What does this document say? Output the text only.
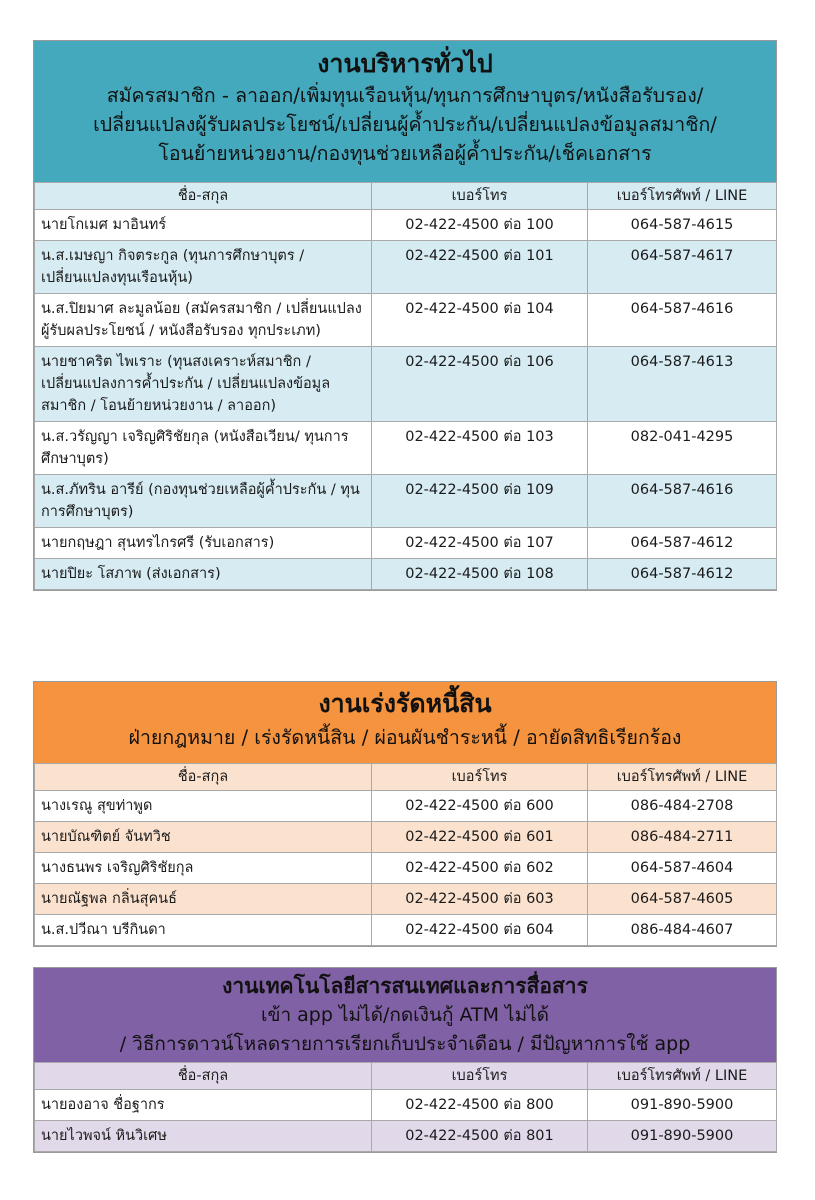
งานบริหารทั่วไป
สมัครสมาชิก - ลาออก/เพิ่มทุนเรือนหุ้น/ทุนการศึกษาบุตร/หนังสือรับรอง/
เปลี่ยนแปลงผู้รับผลประโยชน์/เปลี่ยนผู้ค้ำประกัน/เปลี่ยนแปลงข้อมูลสมาชิก/
โอนย้ายหน่วยงาน/กองทุนช่วยเหลือผู้ค้ำประกัน/เช็คเอกสาร
ชื่อ-สกุล	เบอร์โทร	เบอร์โทรศัพท์ / LINE
นายโกเมศ มาอินทร์	02-422-4500 ต่อ 100	064-587-4615
น.ส.เมษญา กิจตระกูล (ทุนการศึกษาบุตร / เปลี่ยนแปลงทุนเรือนหุ้น)	02-422-4500 ต่อ 101	064-587-4617
น.ส.ปิยมาศ ละมูลน้อย (สมัครสมาชิก / เปลี่ยนแปลงผู้รับผลประโยชน์ / หนังสือรับรอง ทุกประเภท)	02-422-4500 ต่อ 104	064-587-4616
นายชาคริต ไพเราะ (ทุนสงเคราะห์สมาชิก / เปลี่ยนแปลงการค้ำประกัน / เปลี่ยนแปลงข้อมูล สมาชิก / โอนย้ายหน่วยงาน / ลาออก)	02-422-4500 ต่อ 106	064-587-4613
น.ส.วรัญญา เจริญศิริชัยกุล (หนังสือเวียน/ ทุนการศึกษาบุตร)	02-422-4500 ต่อ 103	082-041-4295
น.ส.ภัทริน อารีย์ (กองทุนช่วยเหลือผู้ค้ำประกัน / ทุนการศึกษาบุตร)	02-422-4500 ต่อ 109	064-587-4616
นายกฤษฎา สุนทรไกรศรี (รับเอกสาร)	02-422-4500 ต่อ 107	064-587-4612
นายปิยะ โสภาพ (ส่งเอกสาร)	02-422-4500 ต่อ 108	064-587-4612
งานเร่งรัดหนี้สิน
ฝ่ายกฎหมาย / เร่งรัดหนี้สิน / ผ่อนผันชำระหนี้ / อายัดสิทธิเรียกร้อง
ชื่อ-สกุล	เบอร์โทร	เบอร์โทรศัพท์ / LINE
นางเรณู สุขท่าพูด	02-422-4500 ต่อ 600	086-484-2708
นายบัณฑิตย์ จันทวิช	02-422-4500 ต่อ 601	086-484-2711
นางธนพร เจริญศิริชัยกุล	02-422-4500 ต่อ 602	064-587-4604
นายณัฐพล กลิ่นสุคนธ์	02-422-4500 ต่อ 603	064-587-4605
น.ส.ปวีณา บรีกินดา	02-422-4500 ต่อ 604	086-484-4607
งานเทคโนโลยีสารสนเทศและการสื่อสาร
เข้า app ไม่ได้/กดเงินกู้ ATM ไม่ได้
/ วิธีการดาวน์โหลดรายการเรียกเก็บประจำเดือน / มีปัญหาการใช้ app
ชื่อ-สกุล	เบอร์โทร	เบอร์โทรศัพท์ / LINE
นายองอาจ ชื่อฐากร	02-422-4500 ต่อ 800	091-890-5900
นายไวพจน์ หินวิเศษ	02-422-4500 ต่อ 801	091-890-5900
